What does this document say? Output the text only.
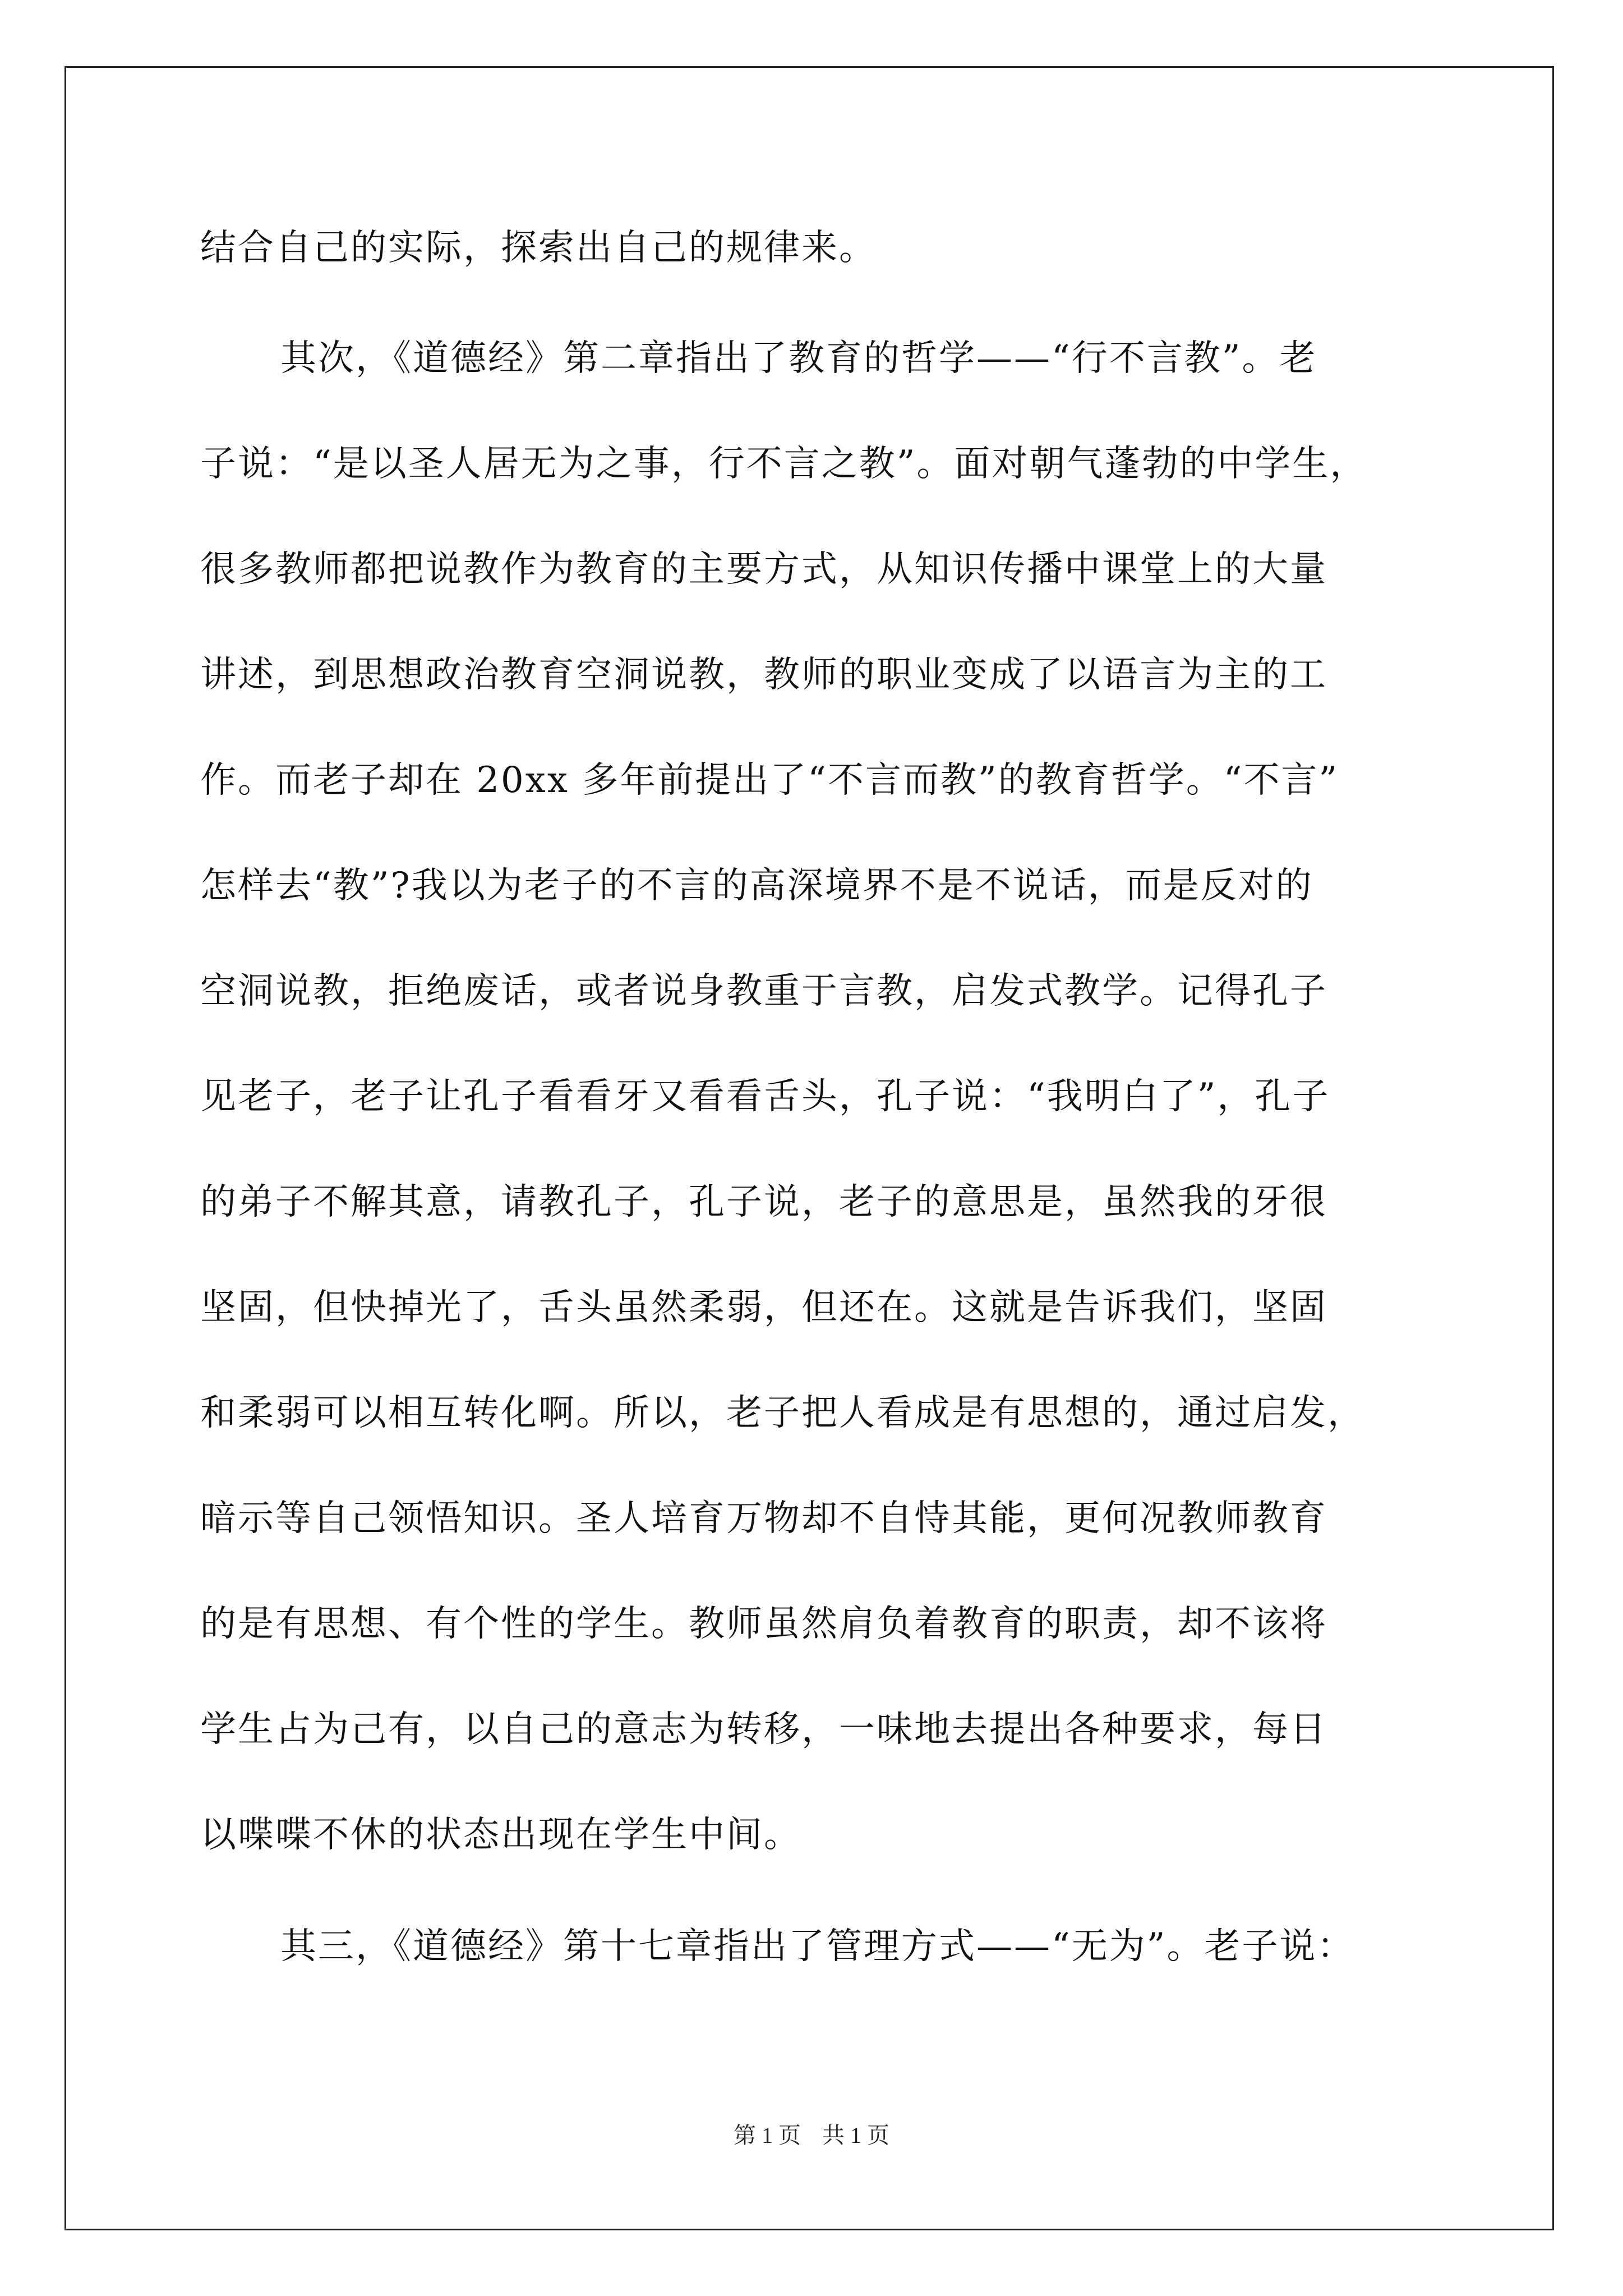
结合自己的实际，探索出自己的规律来。
其次，《道德经》第二章指出了教育的哲学——“行不言教”。老
子说：“是以圣人居无为之事，行不言之教”。面对朝气蓬勃的中学生，
很多教师都把说教作为教育的主要方式，从知识传播中课堂上的大量
讲述，到思想政治教育空洞说教，教师的职业变成了以语言为主的工
作。而老子却在 20xx 多年前提出了“不言而教”的教育哲学。“不言”
怎样去“教”?我以为老子的不言的高深境界不是不说话，而是反对的
空洞说教，拒绝废话，或者说身教重于言教，启发式教学。记得孔子
见老子，老子让孔子看看牙又看看舌头，孔子说：“我明白了”，孔子
的弟子不解其意，请教孔子，孔子说，老子的意思是，虽然我的牙很
坚固，但快掉光了，舌头虽然柔弱，但还在。这就是告诉我们，坚固
和柔弱可以相互转化啊。所以，老子把人看成是有思想的，通过启发，
暗示等自己领悟知识。圣人培育万物却不自恃其能，更何况教师教育
的是有思想、有个性的学生。教师虽然肩负着教育的职责，却不该将
学生占为己有，以自己的意志为转移，一味地去提出各种要求，每日
以喋喋不休的状态出现在学生中间。
其三，《道德经》第十七章指出了管理方式——“无为”。老子说：
第 1 页 共 1 页
